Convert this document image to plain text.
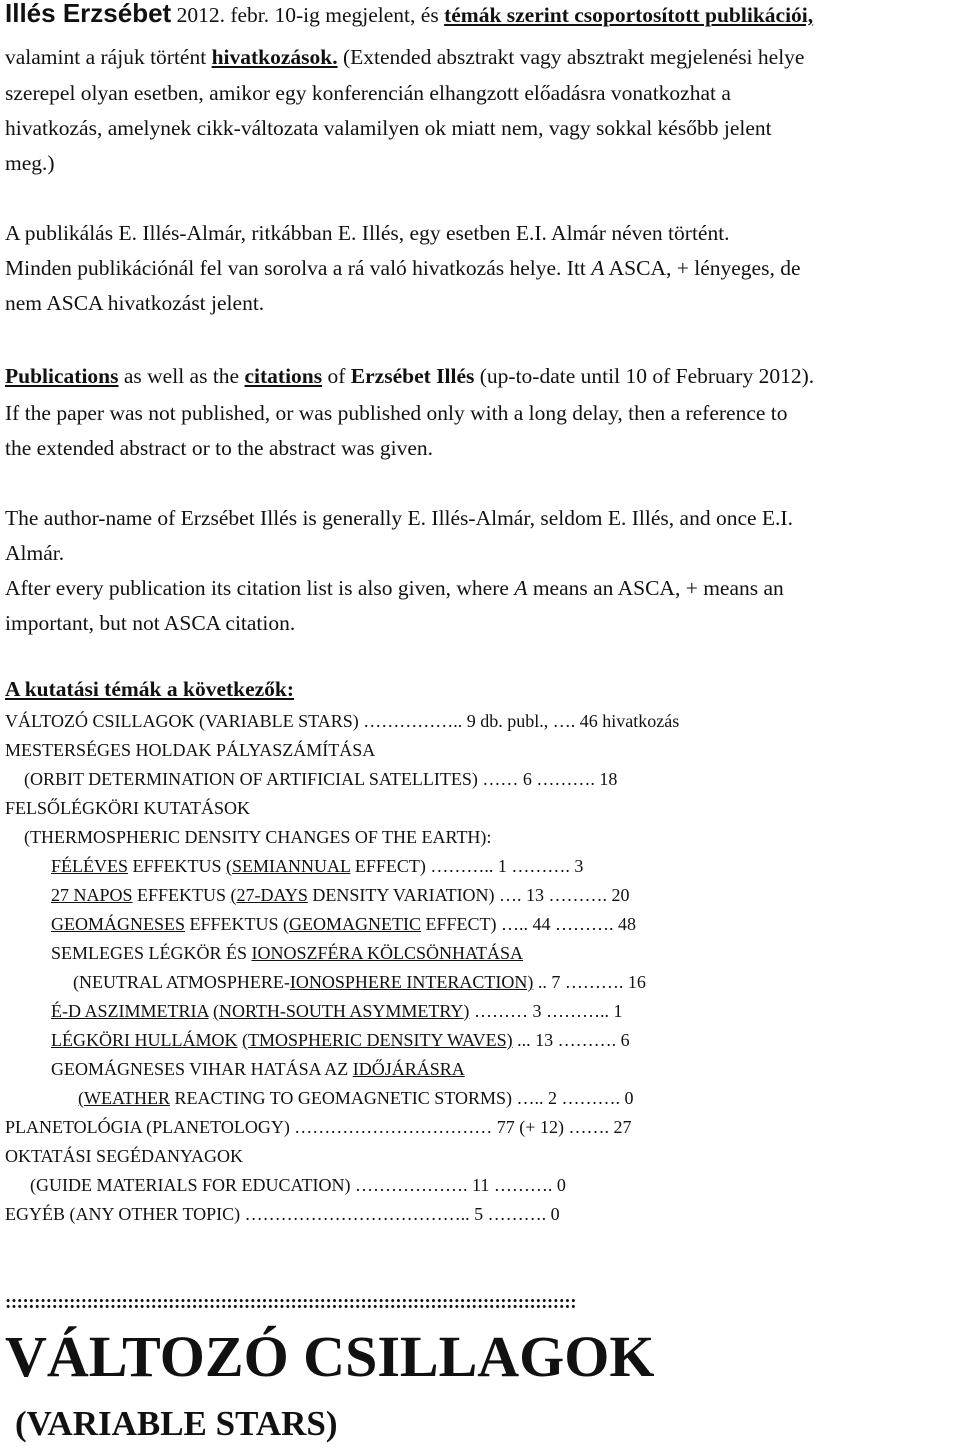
Illés Erzsébet 2012. febr. 10-ig megjelent, és témák szerint csoportosított publikációi,
valamint a rájuk történt hivatkozások. (Extended absztrakt vagy absztrakt megjelenési helye
szerepel olyan esetben, amikor egy konferencián elhangzott előadásra vonatkozhat a
hivatkozás, amelynek cikk-változata valamilyen ok miatt nem, vagy sokkal később jelent
meg.)
A publikálás E. Illés-Almár, ritkábban E. Illés, egy esetben E.I. Almár néven történt.
Minden publikációnál fel van sorolva a rá való hivatkozás helye. Itt A ASCA, + lényeges, de
nem ASCA hivatkozást jelent.
Publications as well as the citations of Erzsébet Illés (up-to-date until 10 of February 2012).
If the paper was not published, or was published only with a long delay, then a reference to
the extended abstract or to the abstract was given.
The author-name of Erzsébet Illés is generally E. Illés-Almár, seldom E. Illés, and once E.I.
Almár.
After every publication its citation list is also given, where A means an ASCA, + means an
important, but not ASCA citation.
A kutatási témák a következők:
VÁLTOZÓ CSILLAGOK (VARIABLE STARS) …………….. 9 db. publ., …. 46 hivatkozás
MESTERSÉGES HOLDAK PÁLYASZÁMÍTÁSA
(ORBIT DETERMINATION OF ARTIFICIAL SATELLITES) …… 6 ………. 18
FELSŐLÉGKÖRI KUTATÁSOK
(THERMOSPHERIC DENSITY CHANGES OF THE EARTH):
FÉLÉVES EFFEKTUS (SEMIANNUAL EFFECT) ……….. 1 ………. 3
27 NAPOS EFFEKTUS (27-DAYS DENSITY VARIATION) …. 13 ………. 20
GEOMÁGNESES EFFEKTUS (GEOMAGNETIC EFFECT) ….. 44 ………. 48
SEMLEGES LÉGKÖR ÉS IONOSZFÉRA KÖLCSÖNHATÁSA
(NEUTRAL ATMOSPHERE-IONOSPHERE INTERACTION) .. 7 ………. 16
É-D ASZIMMETRIA (NORTH-SOUTH ASYMMETRY) ……… 3 ……….. 1
LÉGKÖRI HULLÁMOK (TMOSPHERIC DENSITY WAVES) ... 13 ………. 6
GEOMÁGNESES VIHAR HATÁSA AZ IDŐJÁRÁSRA
(WEATHER REACTING TO GEOMAGNETIC STORMS) ….. 2 ………. 0
PLANETOLÓGIA (PLANETOLOGY) …………………………… 77 (+ 12) ……. 27
OKTATÁSI SEGÉDANYAGOK
(GUIDE MATERIALS FOR EDUCATION) ………………. 11 ………. 0
EGYÉB (ANY OTHER TOPIC) ……………………………….. 5 ………. 0
::::::::::::::::::::::::::::::::::::::::::::::::::::::::::::::::::::::::::::::::::::::::::::::::::
VÁLTOZÓ CSILLAGOK
(VARIABLE STARS)
